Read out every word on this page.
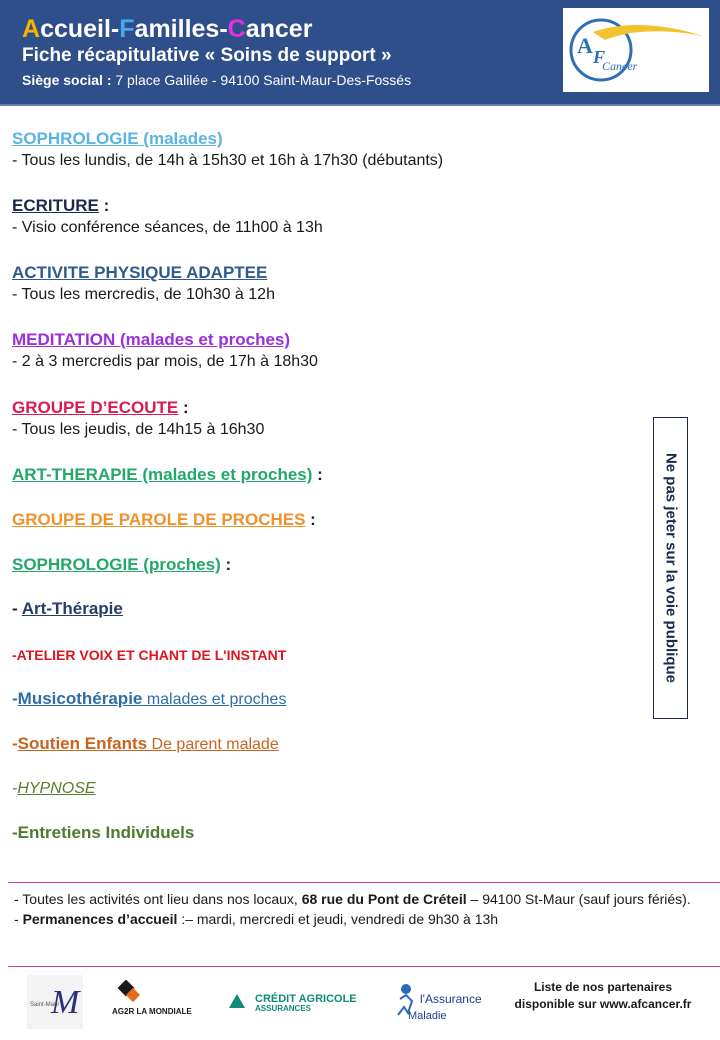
Accueil-Familles-Cancer
Fiche récapitulative « Soins de support »
Siège social : 7 place Galilée - 94100 Saint-Maur-Des-Fossés
A F
Cancer
SOPHROLOGIE (malades)
- Tous les lundis, de 14h à 15h30 et 16h à 17h30 (débutants)
ECRITURE :
- Visio conférence séances, de 11h00 à 13h
ACTIVITE PHYSIQUE ADAPTEE
- Tous les mercredis, de 10h30 à 12h
MEDITATION (malades et proches)
- 2 à 3 mercredis par mois, de 17h à 18h30
GROUPE D’ECOUTE :
- Tous les jeudis, de 14h15 à 16h30
ART-THERAPIE (malades et proches) :
GROUPE DE PAROLE DE PROCHES :
SOPHROLOGIE (proches) :
- Art-Thérapie
-ATELIER VOIX ET CHANT DE L'INSTANT
-Musicothérapie malades et proches
-Soutien Enfants De parent malade
-HYPNOSE
-Entretiens Individuels
Ne pas jeter sur la voie publique
- Toutes les activités ont lieu dans nos locaux, 68 rue du Pont de Créteil – 94100 St-Maur (sauf jours fériés).
- Permanences d’accueil :– mardi, mercredi et jeudi, vendredi de 9h30 à 13h
M
Saint-Maur
AG2R LA MONDIALE
CRÉDIT AGRICOLE
ASSURANCES
l'Assurance
Maladie
Liste de nos partenaires
disponible sur www.afcancer.fr
